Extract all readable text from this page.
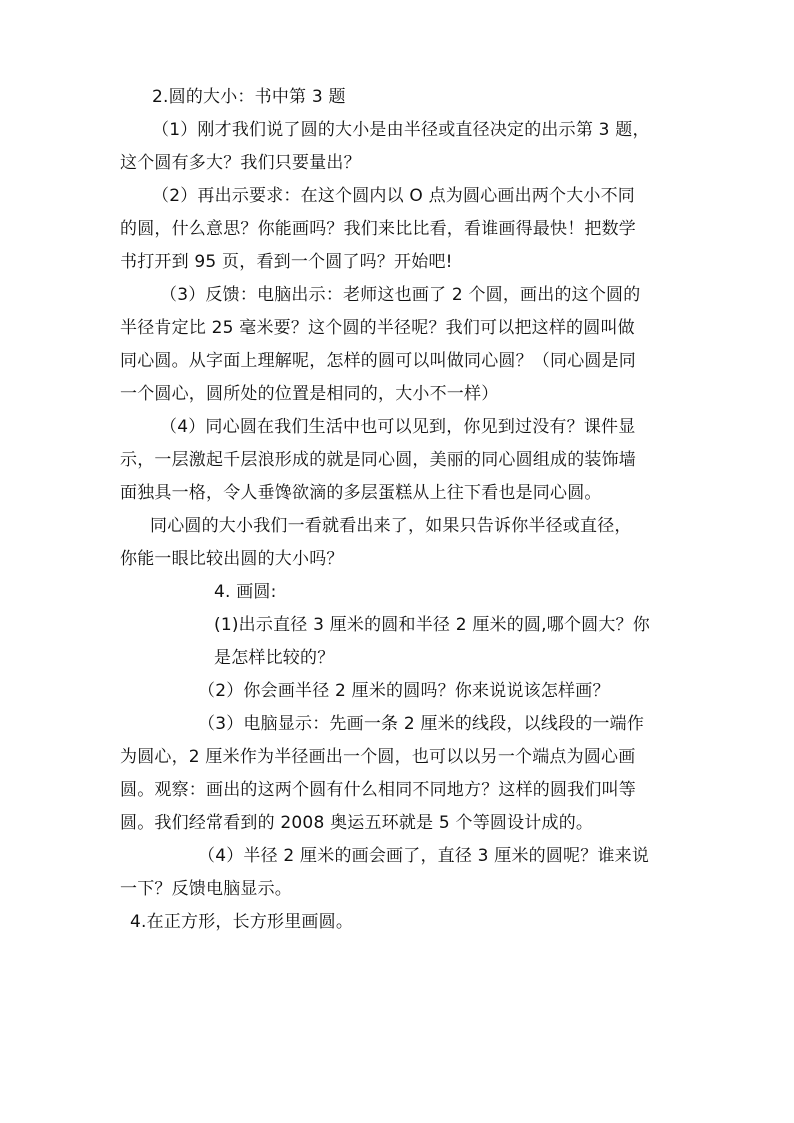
2.圆的大小：书中第 3 题
（1）刚才我们说了圆的大小是由半径或直径决定的出示第 3 题，
这个圆有多大？我们只要量出？
（2）再出示要求：在这个圆内以 O 点为圆心画出两个大小不同
的圆，什么意思？你能画吗？我们来比比看，看谁画得最快！把数学
书打开到 95 页，看到一个圆了吗？开始吧!
（3）反馈：电脑出示：老师这也画了 2 个圆，画出的这个圆的
半径肯定比 25 毫米要？这个圆的半径呢？我们可以把这样的圆叫做
同心圆。从字面上理解呢，怎样的圆可以叫做同心圆？（同心圆是同
一个圆心，圆所处的位置是相同的，大小不一样）
（4）同心圆在我们生活中也可以见到，你见到过没有？课件显
示，一层激起千层浪形成的就是同心圆，美丽的同心圆组成的装饰墙
面独具一格，令人垂馋欲滴的多层蛋糕从上往下看也是同心圆。
同心圆的大小我们一看就看出来了，如果只告诉你半径或直径，
你能一眼比较出圆的大小吗？
4. 画圆:
(1)出示直径 3 厘米的圆和半径 2 厘米的圆,哪个圆大？你
是怎样比较的？
（2）你会画半径 2 厘米的圆吗？你来说说该怎样画？
（3）电脑显示：先画一条 2 厘米的线段，以线段的一端作
为圆心，2 厘米作为半径画出一个圆，也可以以另一个端点为圆心画
圆。观察：画出的这两个圆有什么相同不同地方？这样的圆我们叫等
圆。我们经常看到的 2008 奥运五环就是 5 个等圆设计成的。
（4）半径 2 厘米的画会画了，直径 3 厘米的圆呢？谁来说
一下？反馈电脑显示。
4.在正方形，长方形里画圆。
